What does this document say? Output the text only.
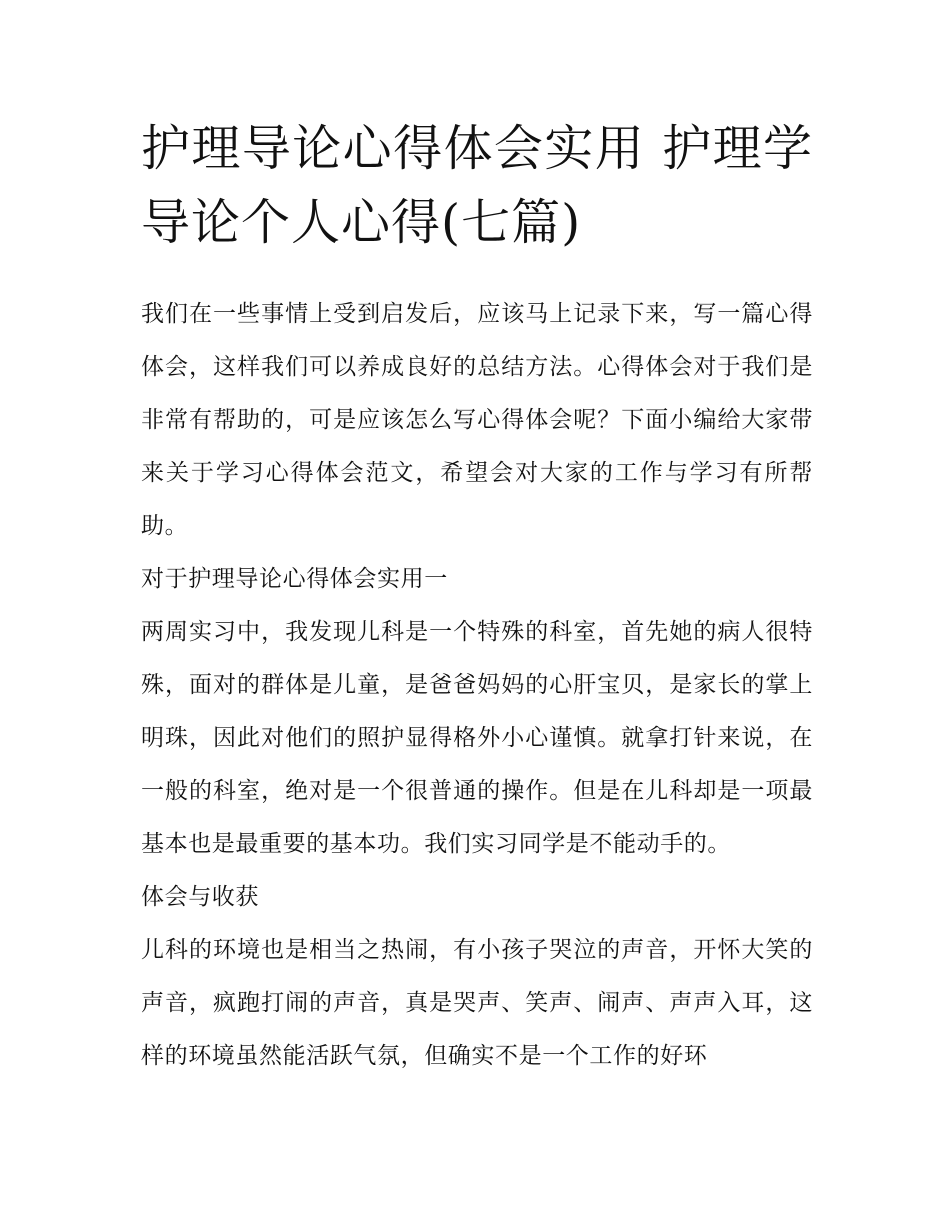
护理导论心得体会实用 护理学导论个人心得(七篇)

我们在一些事情上受到启发后，应该马上记录下来，写一篇心得体会，这样我们可以养成良好的总结方法。心得体会对于我们是非常有帮助的，可是应该怎么写心得体会呢？下面小编给大家带来关于学习心得体会范文，希望会对大家的工作与学习有所帮助。

对于护理导论心得体会实用一

两周实习中，我发现儿科是一个特殊的科室，首先她的病人很特殊，面对的群体是儿童，是爸爸妈妈的心肝宝贝，是家长的掌上明珠，因此对他们的照护显得格外小心谨慎。就拿打针来说，在一般的科室，绝对是一个很普通的操作。但是在儿科却是一项最基本也是最重要的基本功。我们实习同学是不能动手的。

体会与收获

儿科的环境也是相当之热闹，有小孩子哭泣的声音，开怀大笑的声音，疯跑打闹的声音，真是哭声、笑声、闹声、声声入耳，这样的环境虽然能活跃气氛，但确实不是一个工作的好环
